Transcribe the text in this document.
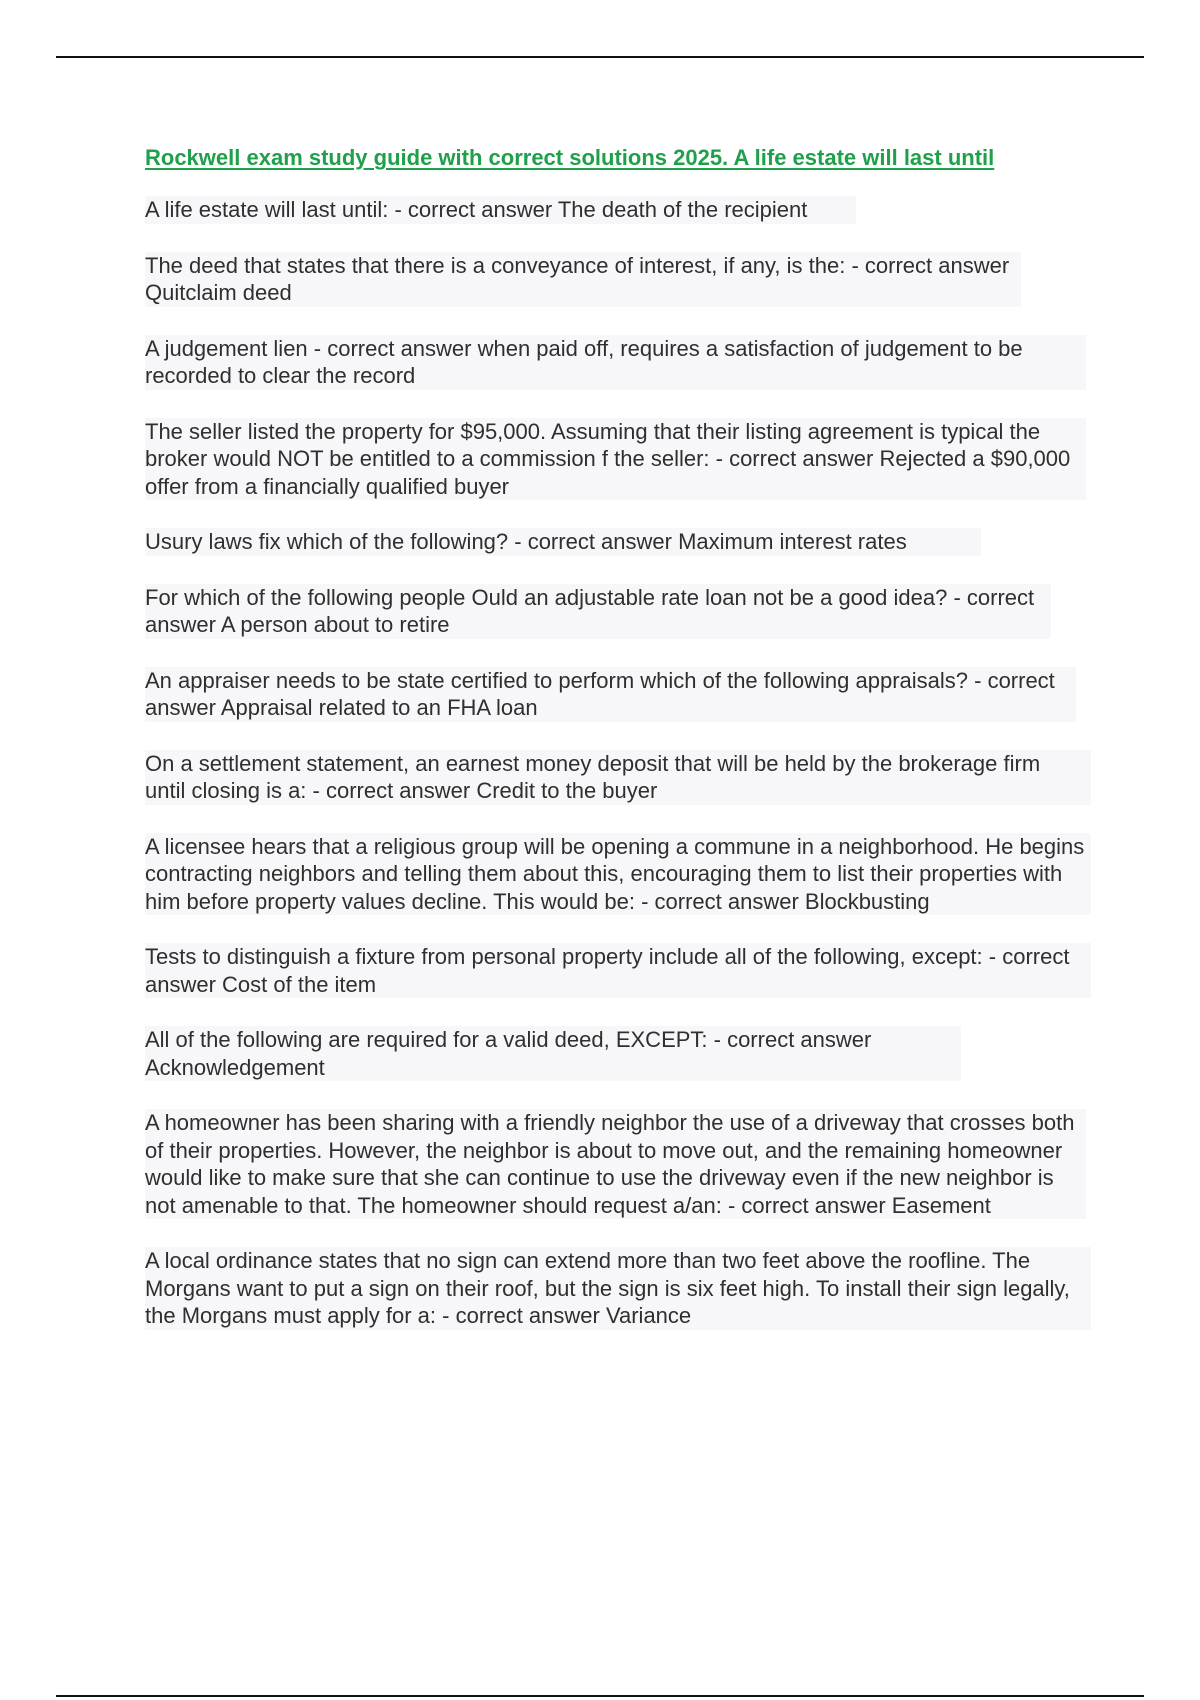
Rockwell exam study guide with correct solutions 2025. A life estate will last until
A life estate will last until: - correct answer The death of the recipient
The deed that states that there is a conveyance of interest, if any, is the: - correct answer Quitclaim deed
A judgement lien - correct answer when paid off, requires a satisfaction of judgement to be recorded to clear the record
The seller listed the property for $95,000. Assuming that their listing agreement is typical the broker would NOT be entitled to a commission f the seller: - correct answer Rejected a $90,000 offer from a financially qualified buyer
Usury laws fix which of the following? - correct answer Maximum interest rates
For which of the following people Ould an adjustable rate loan not be a good idea? - correct answer A person about to retire
An appraiser needs to be state certified to perform which of the following appraisals? - correct answer Appraisal related to an FHA loan
On a settlement statement, an earnest money deposit that will be held by the brokerage firm until closing is a: - correct answer Credit to the buyer
A licensee hears that a religious group will be opening a commune in a neighborhood. He begins contracting neighbors and telling them about this, encouraging them to list their properties with him before property values decline. This would be: - correct answer Blockbusting
Tests to distinguish a fixture from personal property include all of the following, except: - correct answer Cost of the item
All of the following are required for a valid deed, EXCEPT: - correct answer Acknowledgement
A homeowner has been sharing with a friendly neighbor the use of a driveway that crosses both of their properties. However, the neighbor is about to move out, and the remaining homeowner would like to make sure that she can continue to use the driveway even if the new neighbor is not amenable to that. The homeowner should request a/an: - correct answer Easement
A local ordinance states that no sign can extend more than two feet above the roofline. The Morgans want to put a sign on their roof, but the sign is six feet high. To install their sign legally, the Morgans must apply for a: - correct answer Variance
